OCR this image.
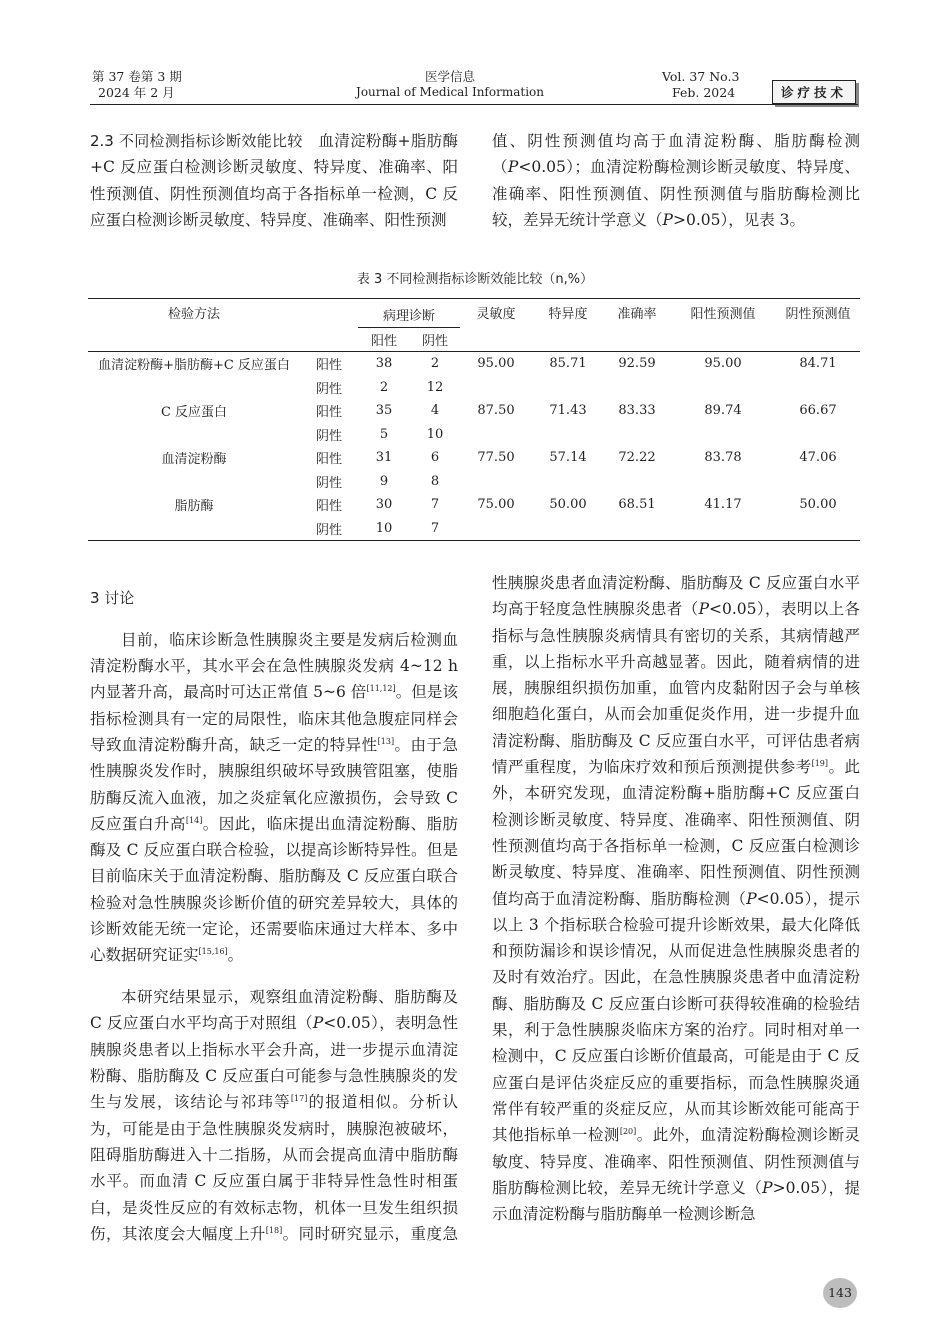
第 37 卷第 3 期
2024 年 2 月
医学信息
Journal of Medical Information
Vol. 37 No.3
Feb. 2024	诊疗技术

2.3 不同检测指标诊断效能比较　 血清淀粉酶+脂肪酶+C 反应蛋白检测诊断灵敏度、特异度、准确率、阳性预测值、阴性预测值均高于各指标单一检测，C 反应蛋白检测诊断灵敏度、特异度、准确率、阳性预测

值、阴性预测值均高于血清淀粉酶、脂肪酶检测（P<0.05）；血清淀粉酶检测诊断灵敏度、特异度、准确率、阳性预测值、阴性预测值与脂肪酶检测比较，差异无统计学意义（P>0.05），见表 3。

表 3 不同检测指标诊断效能比较（n,%）
检验方法		病理诊断		灵敏度	特异度	准确率	阳性预测值	阴性预测值
		阳性	阴性					
血清淀粉酶+脂肪酶+C 反应蛋白	阳性	38	2	95.00	85.71	92.59	95.00	84.71
	阴性	2	12					
C 反应蛋白	阳性	35	4	87.50	71.43	83.33	89.74	66.67
	阴性	5	10					
血清淀粉酶	阳性	31	6	77.50	57.14	72.22	83.78	47.06
	阴性	9	8					
脂肪酶	阳性	30	7	75.00	50.00	68.51	41.17	50.00
	阴性	10	7					

3 讨论

目前，临床诊断急性胰腺炎主要是发病后检测血清淀粉酶水平，其水平会在急性胰腺炎发病 4~12 h 内显著升高，最高时可达正常值 5~6 倍[11,12]。但是该指标检测具有一定的局限性，临床其他急腹症同样会导致血清淀粉酶升高，缺乏一定的特异性[13]。由于急性胰腺炎发作时，胰腺组织破坏导致胰管阻塞，使脂肪酶反流入血液，加之炎症氧化应激损伤，会导致 C 反应蛋白升高[14]。因此，临床提出血清淀粉酶、脂肪酶及 C 反应蛋白联合检验，以提高诊断特异性。但是目前临床关于血清淀粉酶、脂肪酶及 C 反应蛋白联合检验对急性胰腺炎诊断价值的研究差异较大，具体的诊断效能无统一定论，还需要临床通过大样本、多中心数据研究证实[15,16]。

本研究结果显示，观察组血清淀粉酶、脂肪酶及 C 反应蛋白水平均高于对照组（P<0.05），表明急性胰腺炎患者以上指标水平会升高，进一步提示血清淀粉酶、脂肪酶及 C 反应蛋白可能参与急性胰腺炎的发生与发展，该结论与祁玮等[17]的报道相似。分析认为，可能是由于急性胰腺炎发病时，胰腺泡被破坏，阻碍脂肪酶进入十二指肠，从而会提高血清中脂肪酶水平。而血清 C 反应蛋白属于非特异性急性时相蛋白，是炎性反应的有效标志物，机体一旦发生组织损伤，其浓度会大幅度上升[18]。同时研究显示，重度急性胰腺炎患者血清淀粉酶、脂肪酶及 C 反应蛋白水平均高于轻度急性胰腺炎患者（P<0.05），表明以上各指标与急性胰腺炎病情具有密切的关系，其病情越严重，以上指标水平升高越显著。因此，随着病情的进展，胰腺组织损伤加重，血管内皮黏附因子会与单核细胞趋化蛋白，从而会加重促炎作用，进一步提升血清淀粉酶、脂肪酶及 C 反应蛋白水平，可评估患者病情严重程度，为临床疗效和预后预测提供参考[19]。此外，本研究发现，血清淀粉酶+脂肪酶+C 反应蛋白检测诊断灵敏度、特异度、准确率、阳性预测值、阴性预测值均高于各指标单一检测，C 反应蛋白检测诊断灵敏度、特异度、准确率、阳性预测值、阴性预测值均高于血清淀粉酶、脂肪酶检测（P<0.05），提示以上 3 个指标联合检验可提升诊断效果，最大化降低和预防漏诊和误诊情况，从而促进急性胰腺炎患者的及时有效治疗。因此，在急性胰腺炎患者中血清淀粉酶、脂肪酶及 C 反应蛋白诊断可获得较准确的检验结果，利于急性胰腺炎临床方案的治疗。同时相对单一检测中，C 反应蛋白诊断价值最高，可能是由于 C 反应蛋白是评估炎症反应的重要指标，而急性胰腺炎通常伴有较严重的炎症反应，从而其诊断效能可能高于其他指标单一检测[20]。此外，血清淀粉酶检测诊断灵敏度、特异度、准确率、阳性预测值、阴性预测值与脂肪酶检测比较，差异无统计学意义（P>0.05），提示血清淀粉酶与脂肪酶单一检测诊断急

143
